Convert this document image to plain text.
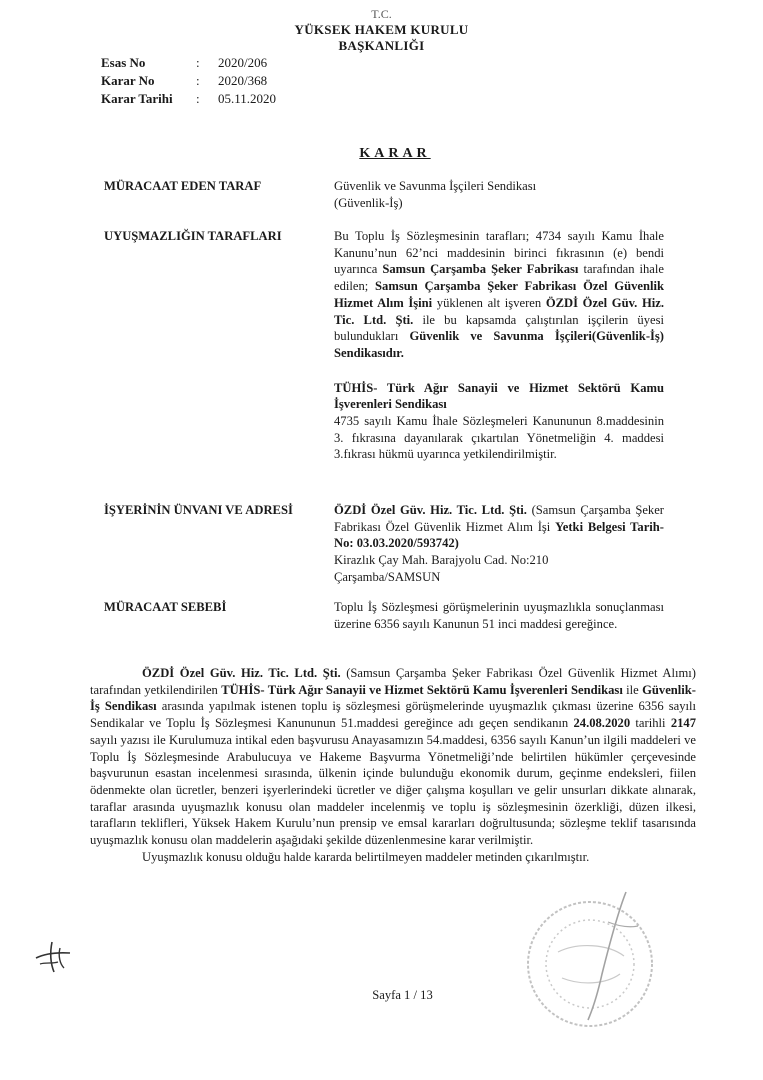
T.C.
YÜKSEK HAKEM KURULU
BAŞKANLIĞI
Esas No	:	2020/206
Karar No	:	2020/368
Karar Tarihi	:	05.11.2020
KARAR
MÜRACAAT EDEN TARAF	Güvenlik ve Savunma İşçileri Sendikası
(Güvenlik-İş)
UYUŞMAZLIĞIN TARAFLARI	Bu Toplu İş Sözleşmesinin tarafları; 4734 sayılı Kamu İhale Kanunu’nun 62’nci maddesinin birinci fıkrasının (e) bendi uyarınca Samsun Çarşamba Şeker Fabrikası tarafından ihale edilen; Samsun Çarşamba Şeker Fabrikası Özel Güvenlik Hizmet Alım İşini yüklenen alt işveren ÖZDİ Özel Güv. Hiz. Tic. Ltd. Şti. ile bu kapsamda çalıştırılan işçilerin üyesi bulundukları Güvenlik ve Savunma İşçileri(Güvenlik-İş) Sendikasıdır.
TÜHİS- Türk Ağır Sanayii ve Hizmet Sektörü Kamu İşverenleri Sendikası
4735 sayılı Kamu İhale Sözleşmeleri Kanununun 8.maddesinin 3. fıkrasına dayanılarak çıkartılan Yönetmeliğin 4. maddesi 3.fıkrası hükmü uyarınca yetkilendirilmiştir.
İŞYERİNİN ÜNVANI VE ADRESİ	ÖZDİ Özel Güv. Hiz. Tic. Ltd. Şti. (Samsun Çarşamba Şeker Fabrikası Özel Güvenlik Hizmet Alım İşi Yetki Belgesi Tarih-No: 03.03.2020/593742)
Kirazlık Çay Mah. Barajyolu Cad. No:210
Çarşamba/SAMSUN
MÜRACAAT SEBEBİ	Toplu İş Sözleşmesi görüşmelerinin uyuşmazlıkla sonuçlanması üzerine 6356 sayılı Kanunun 51 inci maddesi gereğince.

ÖZDİ Özel Güv. Hiz. Tic. Ltd. Şti. (Samsun Çarşamba Şeker Fabrikası Özel Güvenlik Hizmet Alımı) tarafından yetkilendirilen TÜHİS- Türk Ağır Sanayii ve Hizmet Sektörü Kamu İşverenleri Sendikası ile Güvenlik-İş Sendikası arasında yapılmak istenen toplu iş sözleşmesi görüşmelerinde uyuşmazlık çıkması üzerine 6356 sayılı Sendikalar ve Toplu İş Sözleşmesi Kanununun 51.maddesi gereğince adı geçen sendikanın 24.08.2020 tarihli 2147 sayılı yazısı ile Kurulumuza intikal eden başvurusu Anayasamızın 54.maddesi, 6356 sayılı Kanun’un ilgili maddeleri ve Toplu İş Sözleşmesinde Arabulucuya ve Hakeme Başvurma Yönetmeliği’nde belirtilen hükümler çerçevesinde başvurunun esastan incelenmesi sırasında, ülkenin içinde bulunduğu ekonomik durum, geçinme endeksleri, fiilen ödenmekte olan ücretler, benzeri işyerlerindeki ücretler ve diğer çalışma koşulları ve gelir unsurları dikkate alınarak, taraflar arasında uyuşmazlık konusu olan maddeler incelenmiş ve toplu iş sözleşmesinin özerkliği, düzen ilkesi, tarafların teklifleri, Yüksek Hakem Kurulu’nun prensip ve emsal kararları doğrultusunda; sözleşme teklif tasarısında uyuşmazlık konusu olan maddelerin aşağıdaki şekilde düzenlenmesine karar verilmiştir.

Uyuşmazlık konusu olduğu halde kararda belirtilmeyen maddeler metinden çıkarılmıştır.

Sayfa 1 / 13
